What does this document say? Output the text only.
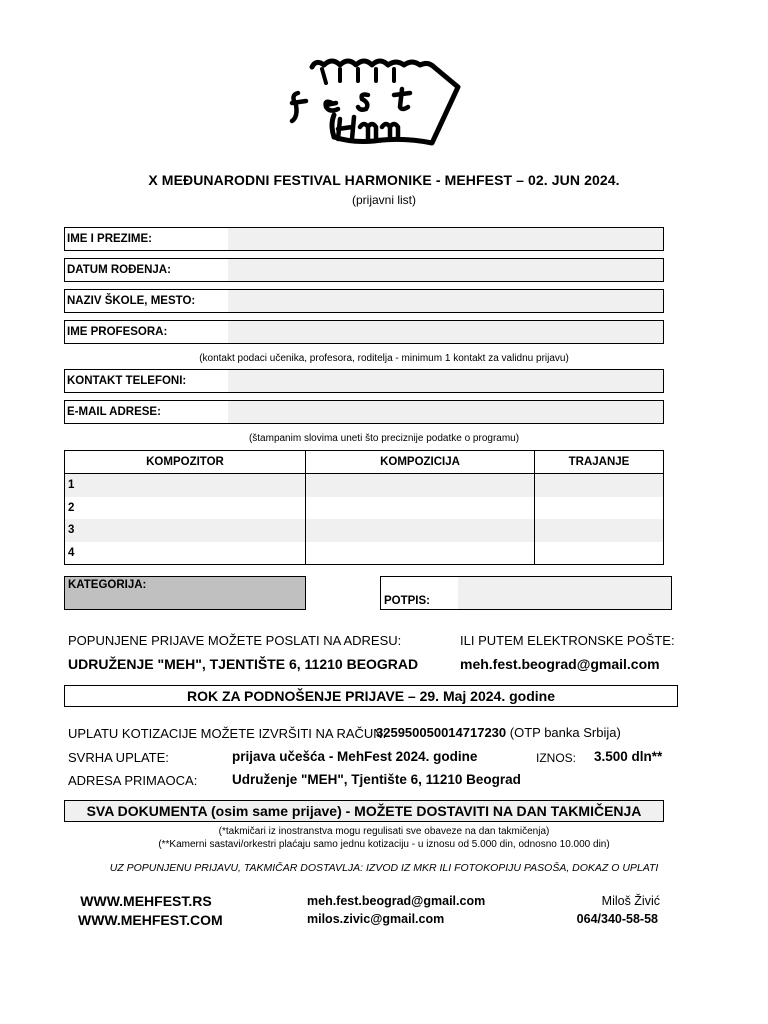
X MEĐUNARODNI FESTIVAL HARMONIKE - MEHFEST – 02. JUN 2024.
(prijavni list)
IME I PREZIME:
DATUM ROĐENJA:
NAZIV ŠKOLE, MESTO:
IME PROFESORA:
(kontakt podaci učenika, profesora, roditelja - minimum 1 kontakt za validnu prijavu)
KONTAKT TELEFONI:
E-MAIL ADRESE:
(štampanim slovima uneti što preciznije podatke o programu)
KOMPOZITOR	KOMPOZICIJA	TRAJANJE
1		
2		
3		
4		
KATEGORIJA:
POTPIS:
POPUNJENE PRIJAVE MOŽETE POSLATI NA ADRESU:	ILI PUTEM ELEKTRONSKE POŠTE:
UDRUŽENJE "MEH", TJENTIŠTE 6, 11210 BEOGRAD	meh.fest.beograd@gmail.com
ROK ZA PODNOŠENJE PRIJAVE – 29. Maj 2024. godine
UPLATU KOTIZACIJE MOŽETE IZVRŠITI NA RAČUN:
325950050014717230 (OTP banka Srbija)
SVRHA UPLATE:	prijava učešća - MehFest 2024. godine	IZNOS: 3.500 dln**
ADRESA PRIMAOCA:	Udruženje "MEH", Tjentište 6, 11210 Beograd
SVA DOKUMENTA (osim same prijave) - MOŽETE DOSTAVITI NA DAN TAKMIČENJA
(*takmičari iz inostranstva mogu regulisati sve obaveze na dan takmičenja)
(**Kamerni sastavi/orkestri plaćaju samo jednu kotizaciju - u iznosu od 5.000 din, odnosno 10.000 din)
UZ POPUNJENU PRIJAVU, TAKMIČAR DOSTAVLJA: IZVOD IZ MKR ILI FOTOKOPIJU PASOŠA, DOKAZ O UPLATI
WWW.MEHFEST.RS
WWW.MEHFEST.COM
meh.fest.beograd@gmail.com
milos.zivic@gmail.com
Miloš Živić
064/340-58-58
